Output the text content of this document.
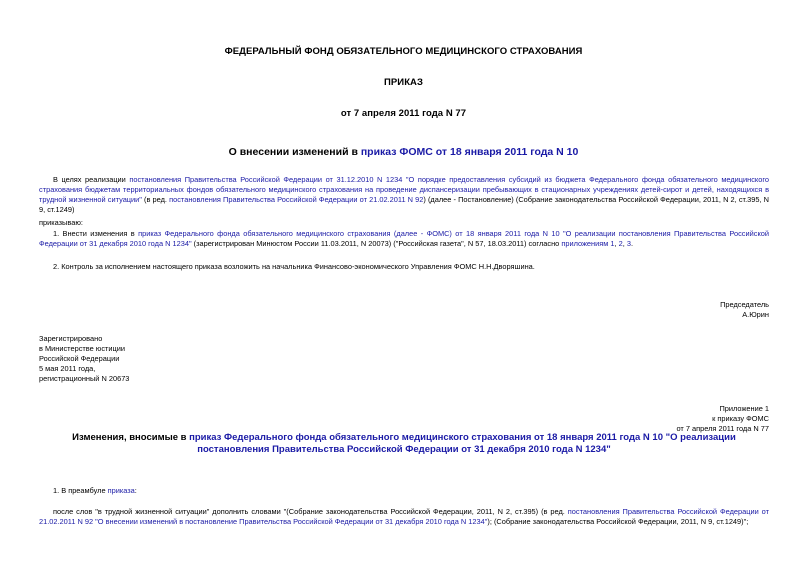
ФЕДЕРАЛЬНЫЙ ФОНД ОБЯЗАТЕЛЬНОГО МЕДИЦИНСКОГО СТРАХОВАНИЯ
ПРИКАЗ
от 7 апреля 2011 года N 77
О внесении изменений в приказ ФОМС от 18 января 2011 года N 10
В целях реализации постановления Правительства Российской Федерации от 31.12.2010 N 1234 "О порядке предоставления субсидий из бюджета Федерального фонда обязательного медицинского страхования бюджетам территориальных фондов обязательного медицинского страхования на проведение диспансеризации пребывающих в стационарных учреждениях детей-сирот и детей, находящихся в трудной жизненной ситуации" (в ред. постановления Правительства Российской Федерации от 21.02.2011 N 92) (далее - Постановление) (Собрание законодательства Российской Федерации, 2011, N 2, ст.395, N 9, ст.1249)
приказываю:
1. Внести изменения в приказ Федерального фонда обязательного медицинского страхования (далее - ФОМС) от 18 января 2011 года N 10 "О реализации постановления Правительства Российской Федерации от 31 декабря 2010 года N 1234" (зарегистрирован Минюстом России 11.03.2011, N 20073) ("Российская газета", N 57, 18.03.2011) согласно приложениям 1, 2, 3.
2. Контроль за исполнением настоящего приказа возложить на начальника Финансово-экономического Управления ФОМС Н.Н.Дворяшина.
Председатель
А.Юрин
Зарегистрировано
в Министерстве юстиции
Российской Федерации
5 мая 2011 года,
регистрационный N 20673
Приложение 1
к приказу ФОМС
от 7 апреля 2011 года N 77
Изменения, вносимые в приказ Федерального фонда обязательного медицинского страхования от 18 января 2011 года N 10 "О реализации постановления Правительства Российской Федерации от 31 декабря 2010 года N 1234"
1. В преамбуле приказа:
после слов "в трудной жизненной ситуации" дополнить словами "(Собрание законодательства Российской Федерации, 2011, N 2, ст.395) (в ред. постановления Правительства Российской Федерации от 21.02.2011 N 92 "О внесении изменений в постановление Правительства Российской Федерации от 31 декабря 2010 года N 1234"); (Собрание законодательства Российской Федерации, 2011, N 9, ст.1249)";
